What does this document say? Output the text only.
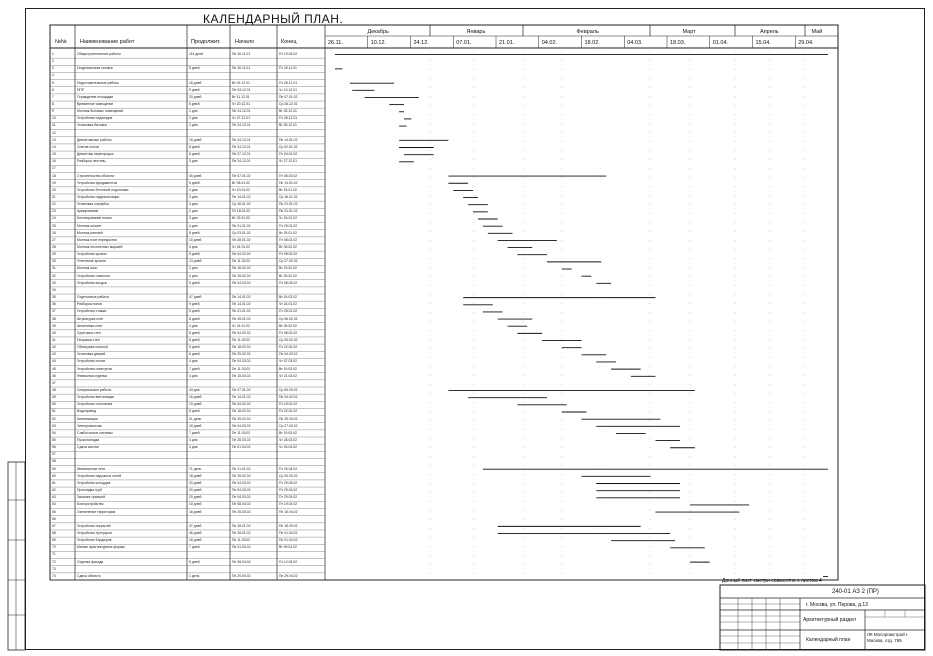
КАЛЕНДАРНЫЙ ПЛАН.
№№ Наименование работ	Продолжит.	Начало	Конец
Декабрь	Январь	Февраль	Март	Апрель	Май
26.11.	10.12.	24.12.	07.01.	21.01.	04.02.	18.02.	04.03.	18.03.	01.04.	15.04.	29.04.
1	Общестроительные работы	114 дней	Пн 26.11.01	Пт 19.04.02
2
3	Геодезическая съемка	5 дней	Пн 26.11.01	Пт 30.11.01
4
5	Подготовительные работы	18 дней	Вт 02.12.01	Пт 28.12.01
6	ППР	9 дней	Пн 03.12.01	Чт 13.12.01
7	Ограждение площадки	20 дней	Вт 11.12.01	Пн 07.01.02
8	Временное освещение	5 дней	Чт 20.12.01	Ср 26.12.01
9	Монтаж бытовых помещений	2 дня	Пн 24.12.01	Вт 25.12.01
10	Устройство подъездов	2 дня	Чт 27.12.01	Пт 28.12.01
11	Установка бытовок	2 дня	Пн 24.12.01	Вт 25.12.01
12
13	Демонтажные работы	15 дней	Пн 24.12.01	Пн 14.01.02
14	Снятие полов	8 дней	Пн 24.12.01	Ср 02.01.02
15	Демонтаж перегородок	8 дней	Пн 27.12.01	Пт 04.01.02
16	Разборка лестниц	3 дня	Пн 24.12.01	Чт 27.12.01
17
18	Строительство объекта	45 дней	Пн 07.01.02	Пт 08.03.02
19	Устройство фундаментов	5 дней	Вт 08.01.02	Пн 14.01.02
20	Устройство бетонной подготовки	4 дня	Чт 10.01.02	Вт 15.01.02
21	Устройство гидроизоляции	3 дня	Пн 14.01.02	Ср 16.01.02
22	Установка опалубки	4 дня	Ср 16.01.02	Пн 21.01.02
23	Армирование	2 дня	Пт 18.01.02	Пн 21.01.02
24	Бетонирование плиты	3 дня	Вт 22.01.02	Чт 24.01.02
25	Монтаж колонн	4 дня	Пн 21.01.02	Пт 25.01.02
26	Монтаж ригелей	5 дней	Ср 23.01.02	Вт 29.01.02
27	Монтаж плит перекрытия	10 дней	Пн 28.01.02	Пт 08.02.02
28	Монтаж лестничных маршей	4 дня	Чт 31.01.02	Вт 05.02.02
29	Устройство кровли	5 дней	Пн 04.02.02	Пт 08.02.02
30	Утепление кровли	13 дней	Пн 11.02.02	Ср 27.02.02
31	Монтаж окон	2 дня	Пн 18.02.02	Вт 19.02.02
32	Устройство отмостки	2 дня	Пн 25.02.02	Вт 26.02.02
33	Устройство входов	5 дней	Пн 04.03.02	Пт 08.03.02
34
35	Отделочные работы	47 дней	Пн 14.01.02	Вт 19.03.02
36	Разборка полов	9 дней	Пн 14.01.02	Чт 24.01.02
37	Устройство стяжки	5 дней	Пн 21.01.02	Пт 25.01.02
38	Штукатурка стен	8 дней	Пн 28.01.02	Ср 06.02.02
39	Шпатлевка стен	4 дня	Чт 31.01.02	Вт 05.02.02
40	Грунтовка стен	5 дней	Пн 04.02.02	Пт 08.02.02
41	Покраска стен	8 дней	Пн 11.02.02	Ср 20.02.02
42	Облицовка плиткой	5 дней	Пн 18.02.02	Пт 22.02.02
43	Установка дверей	6 дней	Пн 25.02.02	Пн 04.03.02
44	Устройство полов	4 дня	Пн 04.03.02	Чт 07.03.02
45	Устройство плинтусов	7 дней	Пн 11.03.02	Вт 19.03.02
46	Финишная отделка	4 дня	Пн 18.03.02	Чт 21.03.02
47
48	Специальные работы	43 дня	Пн 07.01.02	Ср 06.03.02
49	Устройство вентиляции	16 дней	Пн 14.01.02	Пн 04.02.02
50	Устройство отопления	10 дней	Пн 04.02.02	Пт 15.02.02
51	Водопровод	5 дней	Пн 18.02.02	Пт 22.02.02
52	Канализация	21 день	Пн 25.02.02	Пн 25.03.02
53	Электромонтаж	18 дней	Пн 04.03.02	Ср 27.03.02
54	Слаботочные системы	7 дней	Пн 11.03.02	Вт 19.03.02
55	Пусконаладка	4 дня	Пн 25.03.02	Чт 28.03.02
56	Сдача систем	4 дня	Пн 01.04.02	Чт 04.04.02
57
58
59	Инженерные сети	71 день	Пн 21.01.02	Пт 26.04.02
60	Устройство наружных сетей	18 дней	Пн 25.02.02	Ср 20.03.02
61	Устройство колодцев	20 дней	Пн 04.03.02	Пт 29.03.02
62	Прокладка труб	20 дней	Пн 04.03.02	Пт 29.03.02
63	Засыпка траншей	20 дней	Пн 04.03.02	Пт 29.03.02
64	Благоустройство	10 дней	Пн 08.04.02	Пт 19.04.02
65	Озеленение территории	16 дней	Пн 25.03.02	Пн 15.04.02
66
67	Устройство покрытий	37 дней	Пн 28.01.02	Пн 18.03.02
68	Устройство тротуаров	46 дней	Пн 28.01.02	Пн 01.04.02
69	Устройство бордюров	16 дней	Пн 11.03.02	Пн 01.04.02
70	Малые архитектурные формы	7 дней	Пн 01.04.02	Вт 09.04.02
71
72	Отделка фасада	5 дней	Пн 08.04.02	Пт 12.04.02
73
74	Сдача объекта	1 день	Пн 29.04.02	Пн 29.04.02
Данный лист смотри совместно с листом 4
240-01 АЗ 2 (ПР)
г. Москва, ул. Перова, д.13
Архитектурный раздел
Календарный план
ЛК Моспромстрой г. Москва, отд. 765
